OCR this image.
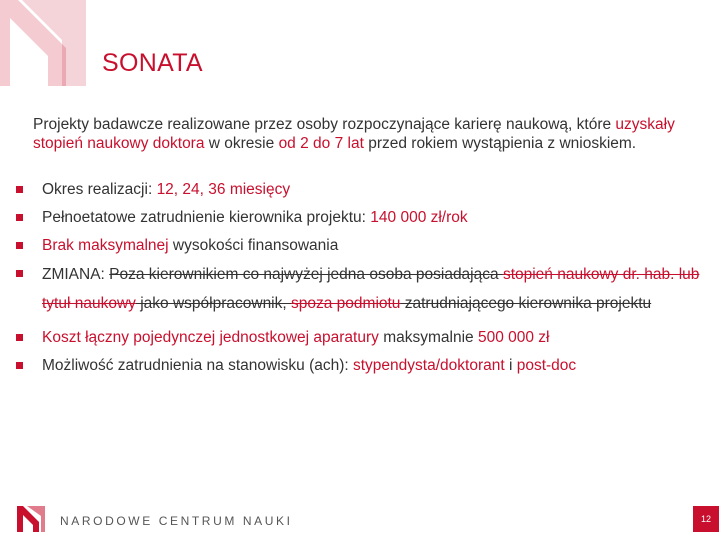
SONATA
Projekty badawcze realizowane przez osoby rozpoczynające karierę naukową, które uzyskały stopień naukowy doktora w okresie od 2 do 7 lat przed rokiem wystąpienia z wnioskiem.
Okres realizacji: 12, 24, 36 miesięcy
Pełnoetatowe zatrudnienie kierownika projektu: 140 000 zł/rok
Brak maksymalnej wysokości finansowania
ZMIANA: Poza kierownikiem co najwyżej jedna osoba posiadająca stopień naukowy dr. hab. lub tytuł naukowy jako współpracownik, spoza podmiotu zatrudniającego kierownika projektu
Koszt łączny pojedynczej jednostkowej aparatury maksymalnie 500 000 zł
Możliwość zatrudnienia na stanowisku (ach): stypendysta/doktorant i post-doc
NARODOWE CENTRUM NAUKI	12
